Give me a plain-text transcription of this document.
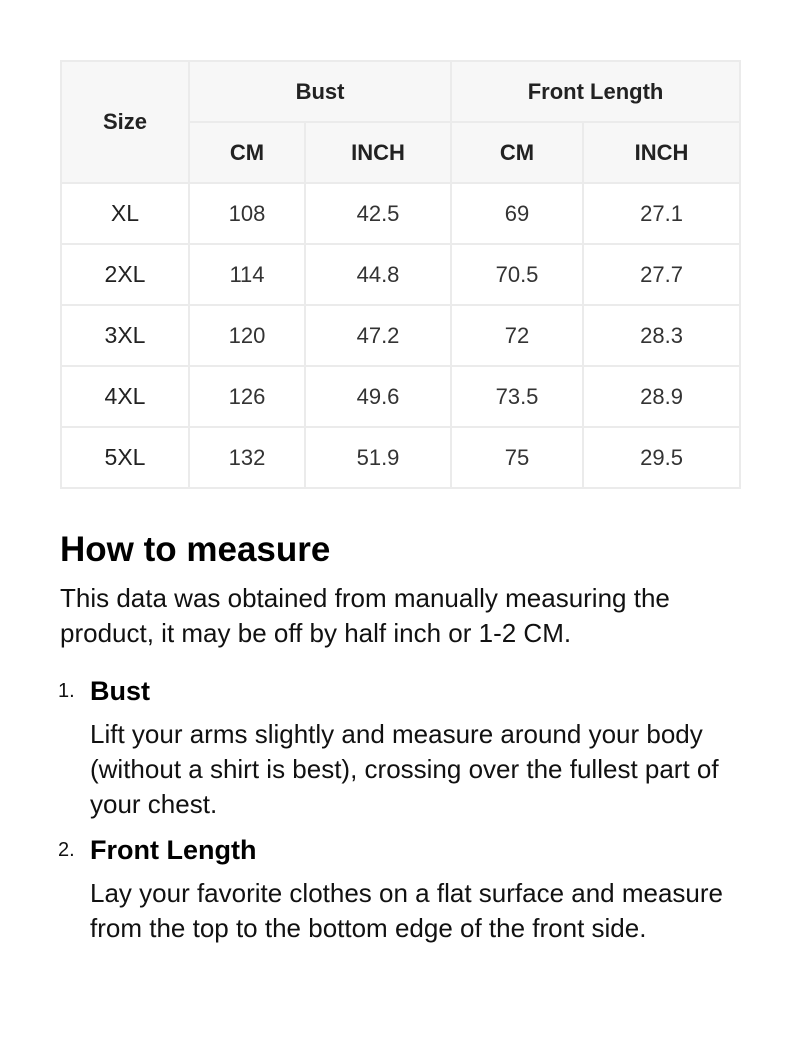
Size	Bust		Front Length	
	CM	INCH	CM	INCH
XL	108	42.5	69	27.1
2XL	114	44.8	70.5	27.7
3XL	120	47.2	72	28.3
4XL	126	49.6	73.5	28.9
5XL	132	51.9	75	29.5
How to measure

This data was obtained from manually measuring the product, it may be off by half inch or 1-2 CM.

1. Bust
Lift your arms slightly and measure around your body (without a shirt is best), crossing over the fullest part of your chest.
2. Front Length
Lay your favorite clothes on a flat surface and measure from the top to the bottom edge of the front side.
